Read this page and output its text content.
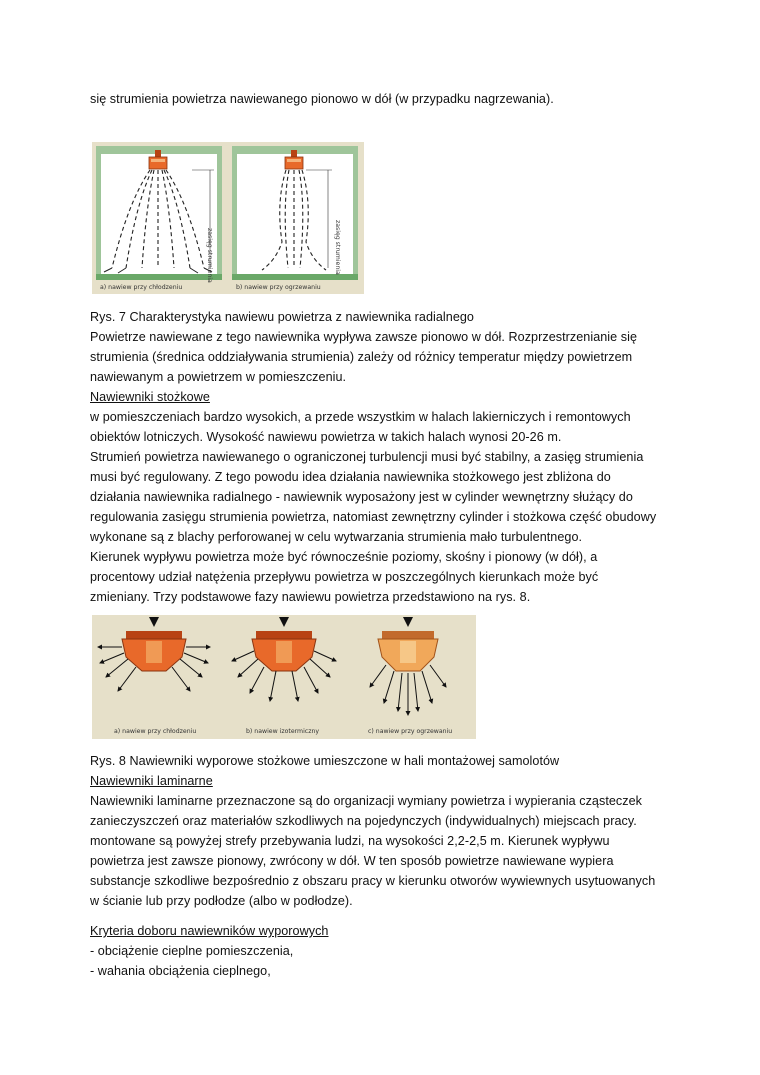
się strumienia powietrza nawiewanego pionowo w dół (w przypadku nagrzewania).
zasięg strumienia	zasięg strumienia
a) nawiew przy chłodzeniu	b) nawiew przy ogrzewaniu
Rys. 7 Charakterystyka nawiewu powietrza z nawiewnika radialnego
Powietrze nawiewane z tego nawiewnika wypływa zawsze pionowo w dół. Rozprzestrzenianie się
strumienia (średnica oddziaływania strumienia) zależy od różnicy temperatur między powietrzem
nawiewanym a powietrzem w pomieszczeniu.
Nawiewniki stożkowe
w pomieszczeniach bardzo wysokich, a przede wszystkim w halach lakierniczych i remontowych
obiektów lotniczych. Wysokość nawiewu powietrza w takich halach wynosi 20-26 m.
Strumień powietrza nawiewanego o ograniczonej turbulencji musi być stabilny, a zasięg strumienia
musi być regulowany. Z tego powodu idea działania nawiewnika stożkowego jest zbliżona do
działania nawiewnika radialnego - nawiewnik wyposażony jest w cylinder wewnętrzny służący do
regulowania zasięgu strumienia powietrza, natomiast zewnętrzny cylinder i stożkowa część obudowy
wykonane są z blachy perforowanej w celu wytwarzania strumienia mało turbulentnego.
Kierunek wypływu powietrza może być równocześnie poziomy, skośny i pionowy (w dół), a
procentowy udział natężenia przepływu powietrza w poszczególnych kierunkach może być
zmieniany. Trzy podstawowe fazy nawiewu powietrza przedstawiono na rys. 8.
a) nawiew przy chłodzeniu	b) nawiew izotermiczny	c) nawiew przy ogrzewaniu
Rys. 8 Nawiewniki wyporowe stożkowe umieszczone w hali montażowej samolotów
Nawiewniki laminarne
Nawiewniki laminarne przeznaczone są do organizacji wymiany powietrza i wypierania cząsteczek
zanieczyszczeń oraz materiałów szkodliwych na pojedynczych (indywidualnych) miejscach pracy.
montowane są powyżej strefy przebywania ludzi, na wysokości 2,2-2,5 m. Kierunek wypływu
powietrza jest zawsze pionowy, zwrócony w dół. W ten sposób powietrze nawiewane wypiera
substancje szkodliwe bezpośrednio z obszaru pracy w kierunku otworów wywiewnych usytuowanych
w ścianie lub przy podłodze (albo w podłodze).
Kryteria doboru nawiewników wyporowych
- obciążenie cieplne pomieszczenia,
- wahania obciążenia cieplnego,
